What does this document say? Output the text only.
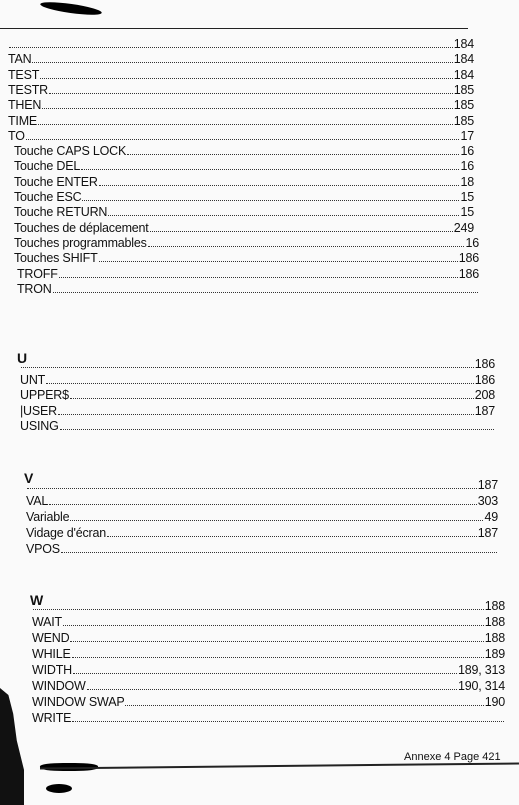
184
TAN	184
TEST	184
TESTR	185
THEN	185
TIME	185
TO	17
Touche CAPS LOCK	16
Touche DEL	16
Touche ENTER	18
Touche ESC	15
Touche RETURN	15
Touches de déplacement	249
Touches programmables	16
Touches SHIFT	186
TROFF	186
TRON
U	186
UNT	186
UPPER$	208
|USER	187
USING
V	187
VAL	303
Variable	49
Vidage d'écran	187
VPOS
W	188
WAIT	188
WEND	188
WHILE	189
WIDTH	189, 313
WINDOW	190, 314
WINDOW SWAP	190
WRITE
Annexe 4 Page 421
